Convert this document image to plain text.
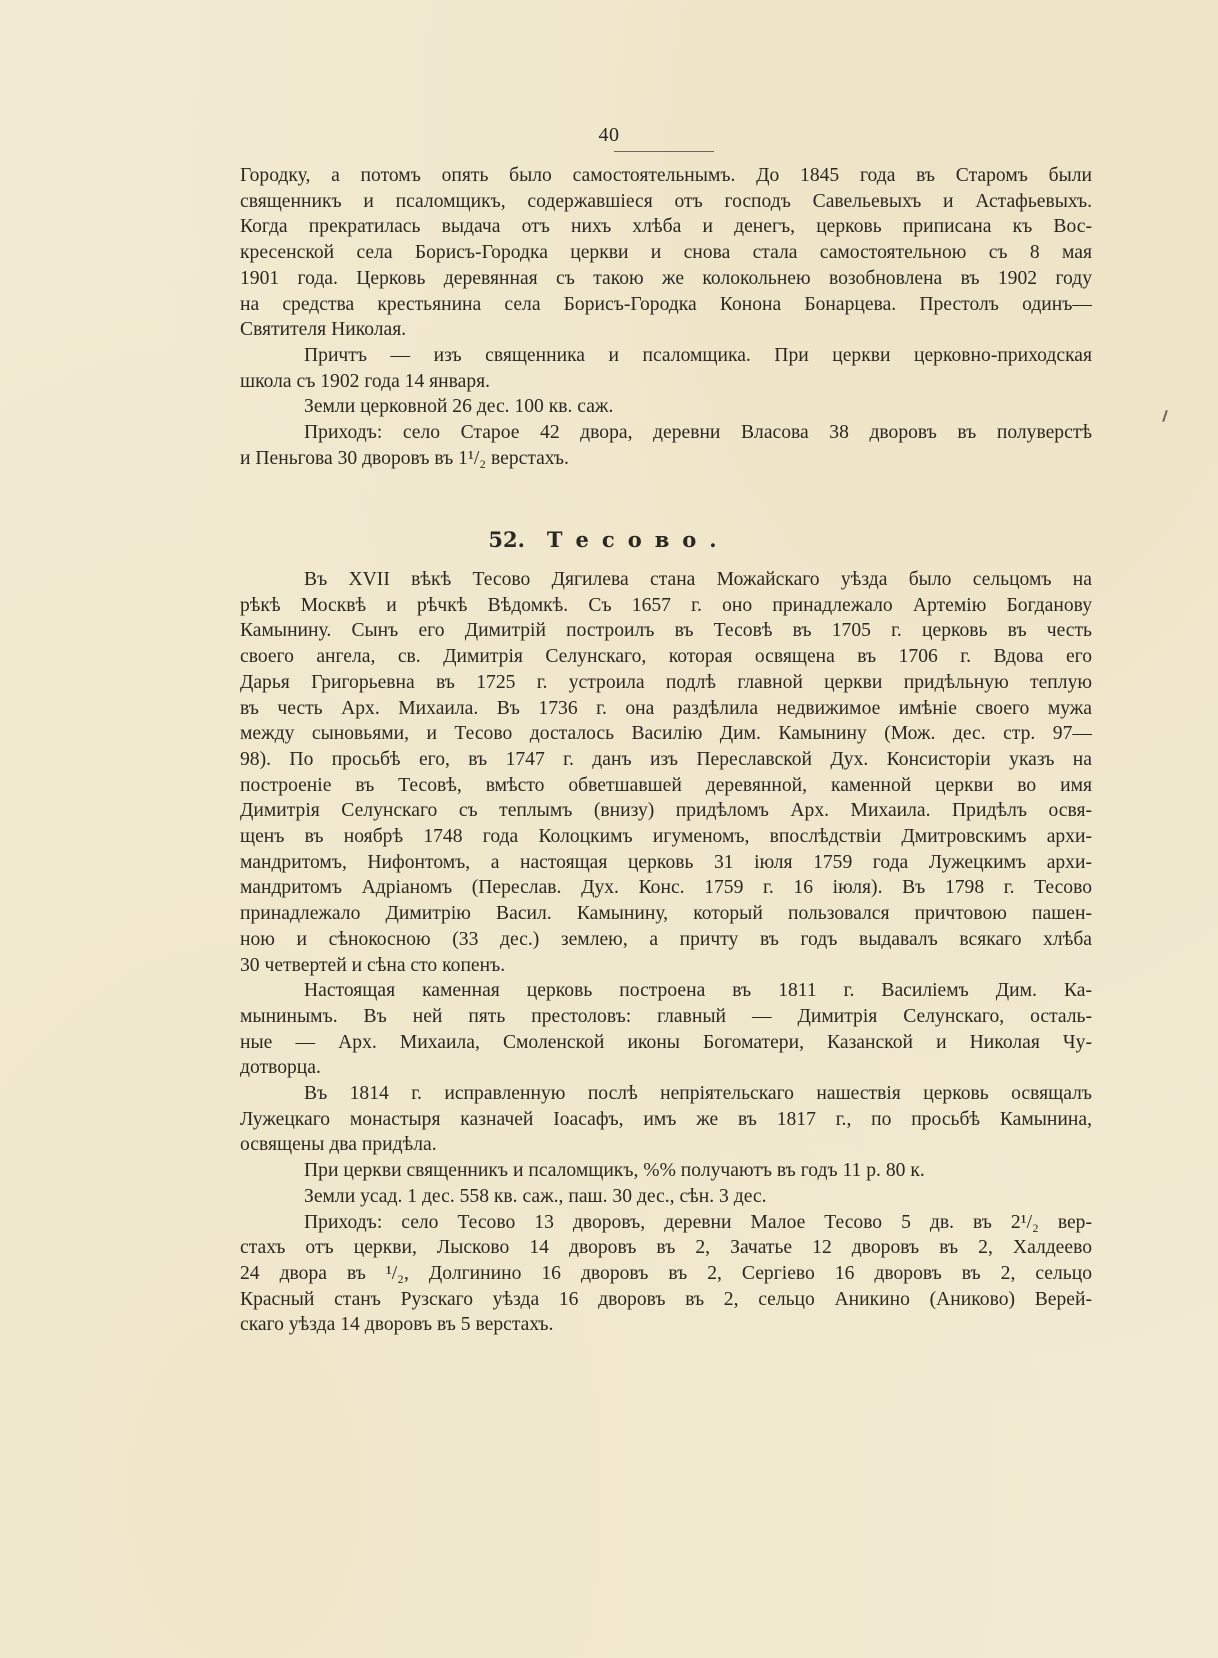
40

Городку, а потомъ опять было самостоятельнымъ. До 1845 года въ Старомъ были
священникъ и псаломщикъ, содержавшіеся отъ господъ Савельевыхъ и Астафьевыхъ.
Когда прекратилась выдача отъ нихъ хлѣба и денегъ, церковь приписана къ Вос-
кресенской села Борисъ-Городка церкви и снова стала самостоятельною съ 8 мая
1901 года. Церковь деревянная съ такою же колокольнею возобновлена въ 1902 году
на средства крестьянина села Борисъ-Городка Конона Бонарцева. Престолъ одинъ—
Святителя Николая.

Причтъ — изъ священника и псаломщика. При церкви церковно-приходская
школа съ 1902 года 14 января.

Земли церковной 26 дес. 100 кв. саж.

Приходъ: село Старое 42 двора, деревни Власова 38 дворовъ въ полуверстѣ
и Пеньгова 30 дворовъ въ 1¹/₂ верстахъ.

52. Тесово.

Въ XVII вѣкѣ Тесово Дягилева стана Можайскаго уѣзда было сельцомъ на
рѣкѣ Москвѣ и рѣчкѣ Вѣдомкѣ. Съ 1657 г. оно принадлежало Артемію Богданову
Камынину. Сынъ его Димитрій построилъ въ Тесовѣ въ 1705 г. церковь въ честь
своего ангела, св. Димитрія Селунскаго, которая освящена въ 1706 г. Вдова его
Дарья Григорьевна въ 1725 г. устроила подлѣ главной церкви придѣльную теплую
въ честь Арх. Михаила. Въ 1736 г. она раздѣлила недвижимое имѣніе своего мужа
между сыновьями, и Тесово досталось Василію Дим. Камынину (Мож. дес. стр. 97—
98). По просьбѣ его, въ 1747 г. данъ изъ Переславской Дух. Консисторіи указъ на
построеніе въ Тесовѣ, вмѣсто обветшавшей деревянной, каменной церкви во имя
Димитрія Селунскаго съ теплымъ (внизу) придѣломъ Арх. Михаила. Придѣлъ освя-
щенъ въ ноябрѣ 1748 года Колоцкимъ игуменомъ, впослѣдствіи Дмитровскимъ архи-
мандритомъ, Нифонтомъ, а настоящая церковь 31 іюля 1759 года Лужецкимъ архи-
мандритомъ Адріаномъ (Переслав. Дух. Конс. 1759 г. 16 іюля). Въ 1798 г. Тесово
принадлежало Димитрію Васил. Камынину, который пользовался причтовою пашен-
ною и сѣнокосною (33 дес.) землею, а причту въ годъ выдавалъ всякаго хлѣба
30 четвертей и сѣна сто копенъ.

Настоящая каменная церковь построена въ 1811 г. Василіемъ Дим. Ка-
мынинымъ. Въ ней пять престоловъ: главный — Димитрія Селунскаго, осталь-
ные — Арх. Михаила, Смоленской иконы Богоматери, Казанской и Николая Чу-
дотворца.

Въ 1814 г. исправленную послѣ непріятельскаго нашествія церковь освящалъ
Лужецкаго монастыря казначей Іоасафъ, имъ же въ 1817 г., по просьбѣ Камынина,
освящены два придѣла.

При церкви священникъ и псаломщикъ, %% получаютъ въ годъ 11 р. 80 к.

Земли усад. 1 дес. 558 кв. саж., паш. 30 дес., сѣн. 3 дес.

Приходъ: село Тесово 13 дворовъ, деревни Малое Тесово 5 дв. въ 2¹/₂ вер-
стахъ отъ церкви, Лысково 14 дворовъ въ 2, Зачатье 12 дворовъ въ 2, Халдеево
24 двора въ ¹/₂, Долгинино 16 дворовъ въ 2, Сергіево 16 дворовъ въ 2, сельцо
Красный станъ Рузскаго уѣзда 16 дворовъ въ 2, сельцо Аникино (Аниково) Верей-
скаго уѣзда 14 дворовъ въ 5 верстахъ.
